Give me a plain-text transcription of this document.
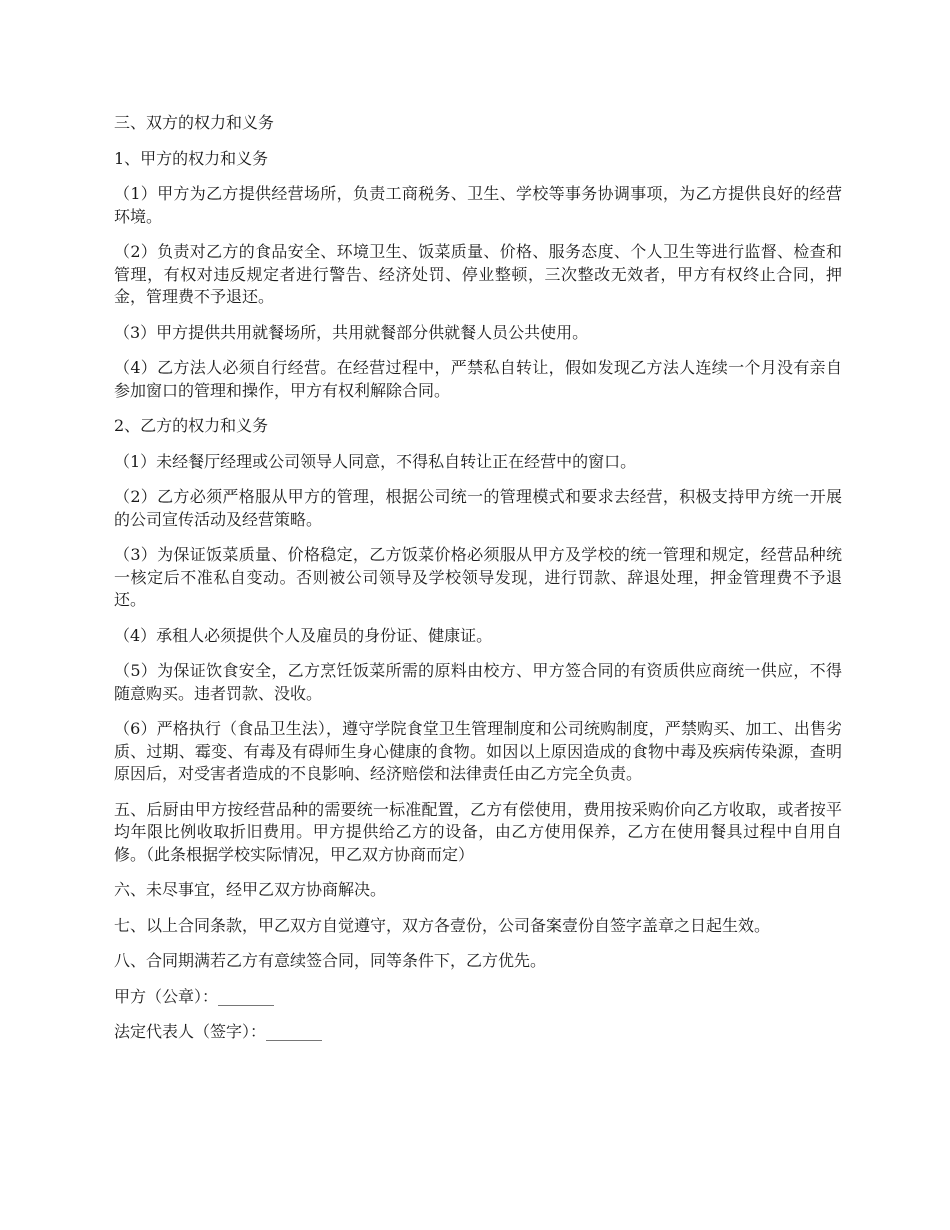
三、双方的权力和义务

1、甲方的权力和义务

（1）甲方为乙方提供经营场所，负责工商税务、卫生、学校等事务协调事项，为乙方提供良好的经营环境。

（2）负责对乙方的食品安全、环境卫生、饭菜质量、价格、服务态度、个人卫生等进行监督、检查和管理，有权对违反规定者进行警告、经济处罚、停业整顿，三次整改无效者，甲方有权终止合同，押金，管理费不予退还。

（3）甲方提供共用就餐场所，共用就餐部分供就餐人员公共使用。

（4）乙方法人必须自行经营。在经营过程中，严禁私自转让，假如发现乙方法人连续一个月没有亲自参加窗口的管理和操作，甲方有权利解除合同。

2、乙方的权力和义务

（1）未经餐厅经理或公司领导人同意，不得私自转让正在经营中的窗口。

（2）乙方必须严格服从甲方的管理，根据公司统一的管理模式和要求去经营，积极支持甲方统一开展的公司宣传活动及经营策略。

（3）为保证饭菜质量、价格稳定，乙方饭菜价格必须服从甲方及学校的统一管理和规定，经营品种统一核定后不准私自变动。否则被公司领导及学校领导发现，进行罚款、辞退处理，押金管理费不予退还。

（4）承租人必须提供个人及雇员的身份证、健康证。

（5）为保证饮食安全，乙方烹饪饭菜所需的原料由校方、甲方签合同的有资质供应商统一供应，不得随意购买。违者罚款、没收。

（6）严格执行（食品卫生法），遵守学院食堂卫生管理制度和公司统购制度，严禁购买、加工、出售劣质、过期、霉变、有毒及有碍师生身心健康的食物。如因以上原因造成的食物中毒及疾病传染源，查明原因后，对受害者造成的不良影响、经济赔偿和法律责任由乙方完全负责。

五、后厨由甲方按经营品种的需要统一标准配置，乙方有偿使用，费用按采购价向乙方收取，或者按平均年限比例收取折旧费用。甲方提供给乙方的设备，由乙方使用保养，乙方在使用餐具过程中自用自修。（此条根据学校实际情况，甲乙双方协商而定）

六、未尽事宜，经甲乙双方协商解决。

七、以上合同条款，甲乙双方自觉遵守，双方各壹份，公司备案壹份自签字盖章之日起生效。

八、合同期满若乙方有意续签合同，同等条件下，乙方优先。

甲方（公章）：_______

法定代表人（签字）：_______
